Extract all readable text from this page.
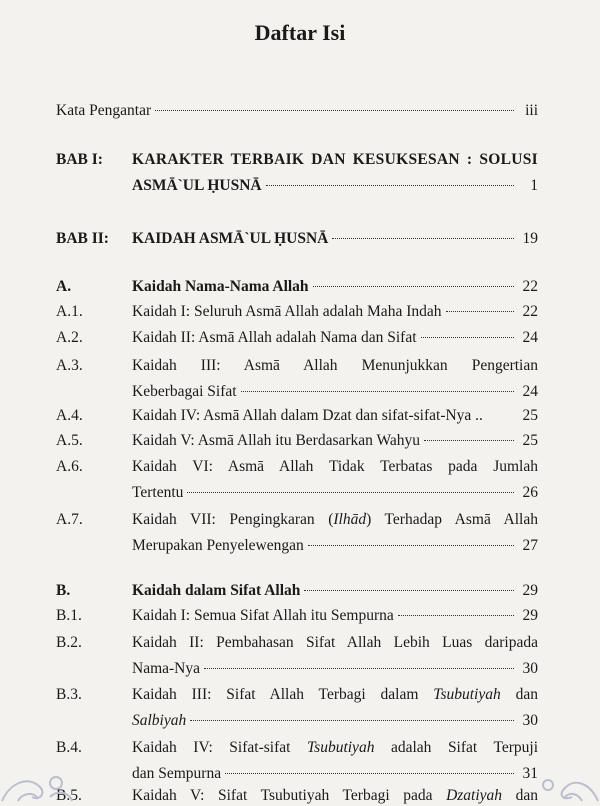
Daftar Isi
Kata Pengantar	iii
BAB I: KARAKTER TERBAIK DAN KESUKSESAN : SOLUSI
ASMĀ`UL ḤUSNĀ	1
BAB II: KAIDAH ASMĀ`UL ḤUSNĀ	19
A.	Kaidah Nama-Nama Allah	22
A.1.	Kaidah I: Seluruh Asmā Allah adalah Maha Indah	22
A.2.	Kaidah II: Asmā Allah adalah Nama dan Sifat	24
A.3.	Kaidah III: Asmā Allah Menunjukkan Pengertian
Keberbagai Sifat	24
A.4.	Kaidah IV: Asmā Allah dalam Dzat dan sifat-sifat-Nya ..	25
A.5.	Kaidah V: Asmā Allah itu Berdasarkan Wahyu	25
A.6.	Kaidah VI: Asmā Allah Tidak Terbatas pada Jumlah
Tertentu	26
A.7.	Kaidah VII: Pengingkaran (Ilhād) Terhadap Asmā Allah
Merupakan Penyelewengan	27
B.	Kaidah dalam Sifat Allah	29
B.1.	Kaidah I: Semua Sifat Allah itu Sempurna	29
B.2.	Kaidah II: Pembahasan Sifat Allah Lebih Luas daripada
Nama-Nya	30
B.3.	Kaidah III: Sifat Allah Terbagi dalam Tsubutiyah dan
Salbiyah	30
B.4.	Kaidah IV: Sifat-sifat Tsubutiyah adalah Sifat Terpuji
dan Sempurna	31
B.5.	Kaidah V: Sifat Tsubutiyah Terbagi pada Dzatiyah dan
